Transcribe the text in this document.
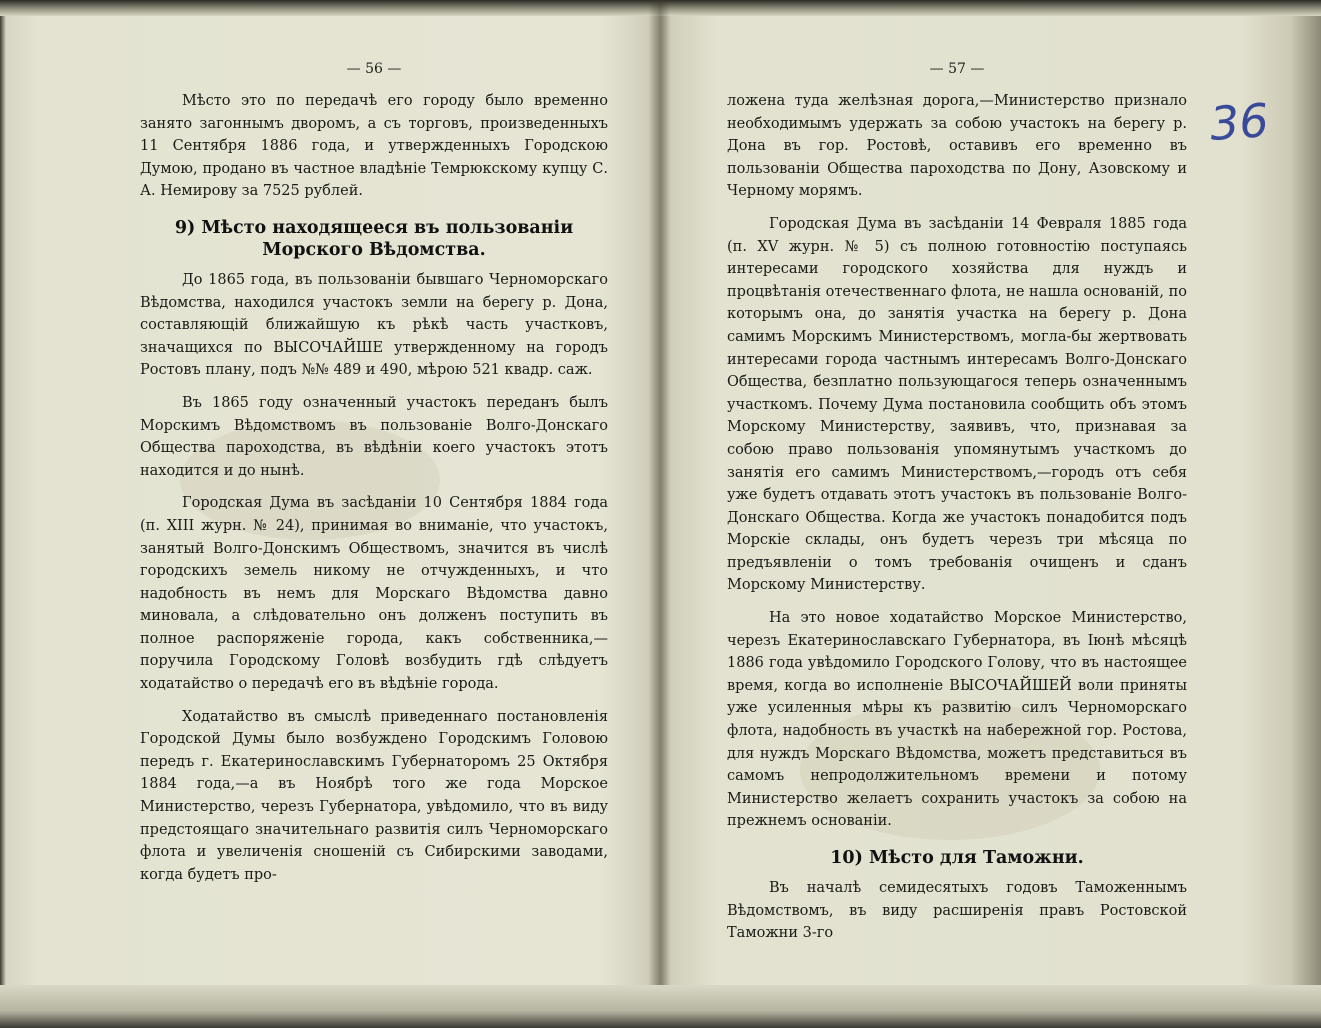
— 56 —

Мѣсто это по передачѣ его городу было временно занято загоннымъ дворомъ, а съ торговъ, произведенныхъ 11 Сентября 1886 года, и утвержденныхъ Городскою Думою, продано въ частное владѣніе Темрюкскому купцу С. А. Немирову за 7525 рублей.

9) Мѣсто находящееся въ пользованіи Морского Вѣдомства.

До 1865 года, въ пользованіи бывшаго Черноморскаго Вѣдомства, находился участокъ земли на берегу р. Дона, составляющій ближайшую къ рѣкѣ часть участковъ, значащихся по ВЫСОЧАЙШЕ утвержденному на городъ Ростовъ плану, подъ №№ 489 и 490, мѣрою 521 квадр. саж.

Въ 1865 году означенный участокъ переданъ былъ Морскимъ Вѣдомствомъ въ пользованіе Волго-Донскаго Общества пароходства, въ вѣдѣніи коего участокъ этотъ находится и до нынѣ.

Городская Дума въ засѣданіи 10 Сентября 1884 года (п. XIII журн. № 24), принимая во вниманіе, что участокъ, занятый Волго-Донскимъ Обществомъ, значится въ числѣ городскихъ земель никому не отчужденныхъ, и что надобность въ немъ для Морскаго Вѣдомства давно миновала, а слѣдовательно онъ долженъ поступить въ полное распоряженіе города, какъ собственника,—поручила Городскому Головѣ возбудить гдѣ слѣдуетъ ходатайство о передачѣ его въ вѣдѣніе города.

Ходатайство въ смыслѣ приведеннаго постановленія Городской Думы было возбуждено Городскимъ Головою передъ г. Екатеринославскимъ Губернаторомъ 25 Октября 1884 года,—а въ Ноябрѣ того же года Морское Министерство, черезъ Губернатора, увѣдомило, что въ виду предстоящаго значительнаго развитія силъ Черноморскаго флота и увеличенія сношеній съ Сибирскими заводами, когда будетъ про-

— 57 —

ложена туда желѣзная дорога,—Министерство признало необходимымъ удержать за собою участокъ на берегу р. Дона въ гор. Ростовѣ, оставивъ его временно въ пользованіи Общества пароходства по Дону, Азовскому и Черному морямъ.

Городская Дума въ засѣданіи 14 Февраля 1885 года (п. XV журн. № 5) съ полною готовностію поступаясь интересами городского хозяйства для нуждъ и процвѣтанія отечественнаго флота, не нашла основаній, по которымъ она, до занятія участка на берегу р. Дона самимъ Морскимъ Министерствомъ, могла-бы жертвовать интересами города частнымъ интересамъ Волго-Донскаго Общества, безплатно пользующагося теперь означеннымъ участкомъ. Почему Дума постановила сообщить объ этомъ Морскому Министерству, заявивъ, что, признавая за собою право пользованія упомянутымъ участкомъ до занятія его самимъ Министерствомъ,—городъ отъ себя уже будетъ отдавать этотъ участокъ въ пользованіе Волго-Донскаго Общества. Когда же участокъ понадобится подъ Морскіе склады, онъ будетъ черезъ три мѣсяца по предъявленіи о томъ требованія очищенъ и сданъ Морскому Министерству.

На это новое ходатайство Морское Министерство, черезъ Екатеринославскаго Губернатора, въ Іюнѣ мѣсяцѣ 1886 года увѣдомило Городского Голову, что въ настоящее время, когда во исполненіе ВЫСОЧАЙШЕЙ воли приняты уже усиленныя мѣры къ развитію силъ Черноморскаго флота, надобность въ участкѣ на набережной гор. Ростова, для нуждъ Морскаго Вѣдомства, можетъ представиться въ самомъ непродолжительномъ времени и потому Министерство желаетъ сохранить участокъ за собою на прежнемъ основаніи.

10) Мѣсто для Таможни.

Въ началѣ семидесятыхъ годовъ Таможеннымъ Вѣдомствомъ, въ виду расширенія правъ Ростовской Таможни 3-го

36
